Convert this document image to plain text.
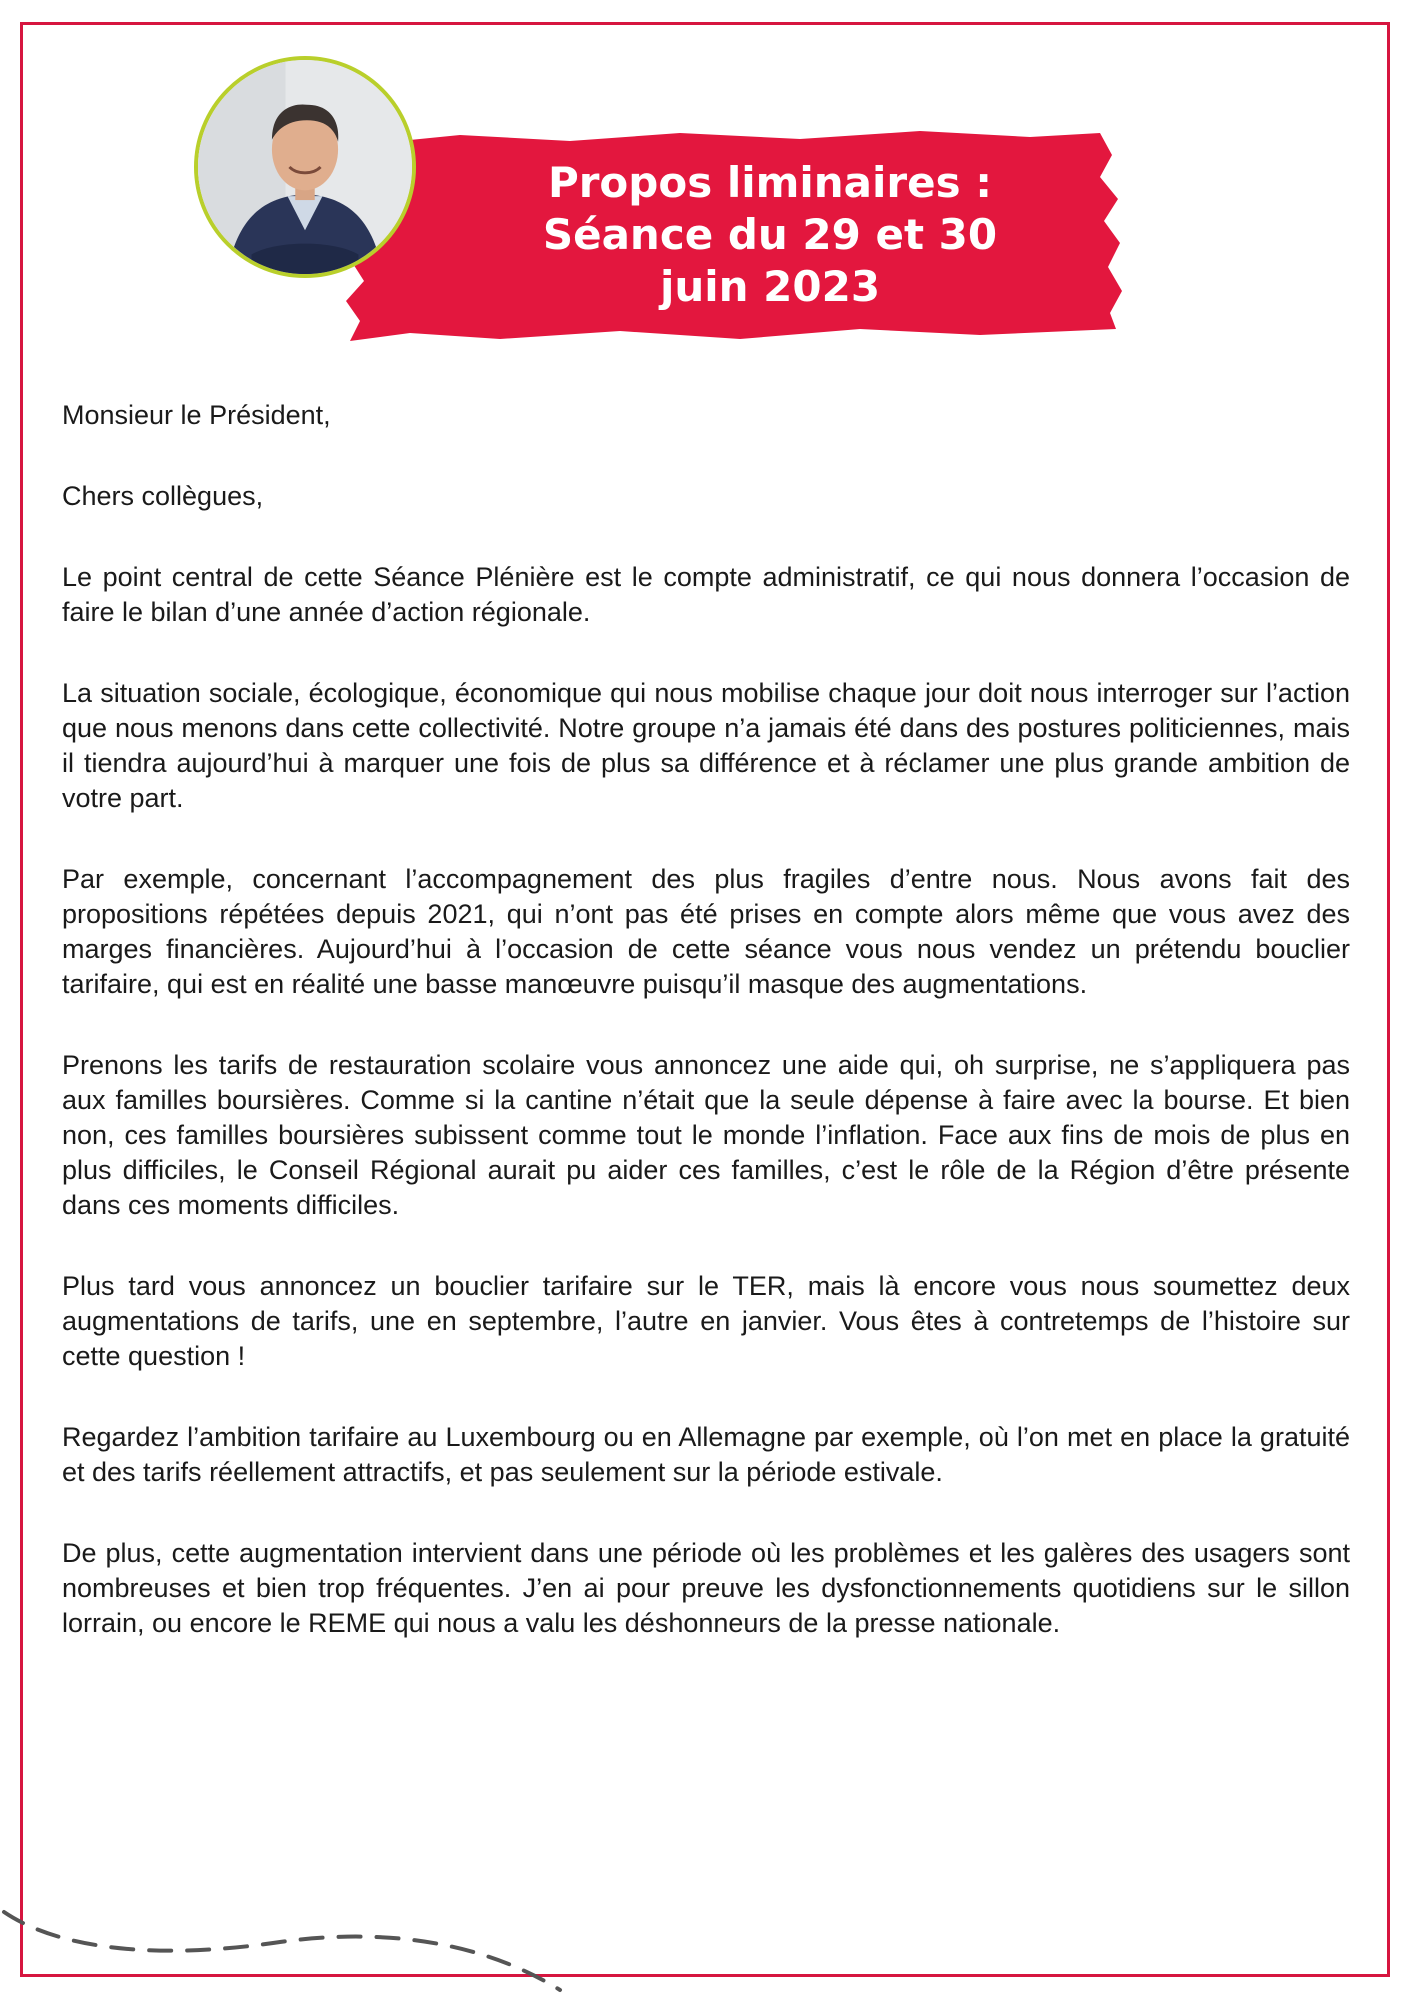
Propos liminaires :
Séance du 29 et 30
juin 2023

Monsieur le Président,

Chers collègues,

Le point central de cette Séance Plénière est le compte administratif, ce qui nous donnera l’occasion de faire le bilan d’une année d’action régionale.

La situation sociale, écologique, économique qui nous mobilise chaque jour doit nous interroger sur l’action que nous menons dans cette collectivité. Notre groupe n’a jamais été dans des postures politiciennes, mais il tiendra aujourd’hui à marquer une fois de plus sa différence et à réclamer une plus grande ambition de votre part.

Par exemple, concernant l’accompagnement des plus fragiles d’entre nous. Nous avons fait des propositions répétées depuis 2021, qui n’ont pas été prises en compte alors même que vous avez des marges financières. Aujourd’hui à l’occasion de cette séance vous nous vendez un prétendu bouclier tarifaire, qui est en réalité une basse manœuvre puisqu’il masque des augmentations.

Prenons les tarifs de restauration scolaire vous annoncez une aide qui, oh surprise, ne s’appliquera pas aux familles boursières. Comme si la cantine n’était que la seule dépense à faire avec la bourse. Et bien non, ces familles boursières subissent comme tout le monde l’inflation. Face aux fins de mois de plus en plus difficiles, le Conseil Régional aurait pu aider ces familles, c’est le rôle de la Région d’être présente dans ces moments difficiles.

Plus tard vous annoncez un bouclier tarifaire sur le TER, mais là encore vous nous soumettez deux augmentations de tarifs, une en septembre, l’autre en janvier. Vous êtes à contretemps de l’histoire sur cette question !

Regardez l’ambition tarifaire au Luxembourg ou en Allemagne par exemple, où l’on met en place la gratuité et des tarifs réellement attractifs, et pas seulement sur la période estivale.

De plus, cette augmentation intervient dans une période où les problèmes et les galères des usagers sont nombreuses et bien trop fréquentes. J’en ai pour preuve les dysfonctionnements quotidiens sur le sillon lorrain, ou encore le REME qui nous a valu les déshonneurs de la presse nationale.
